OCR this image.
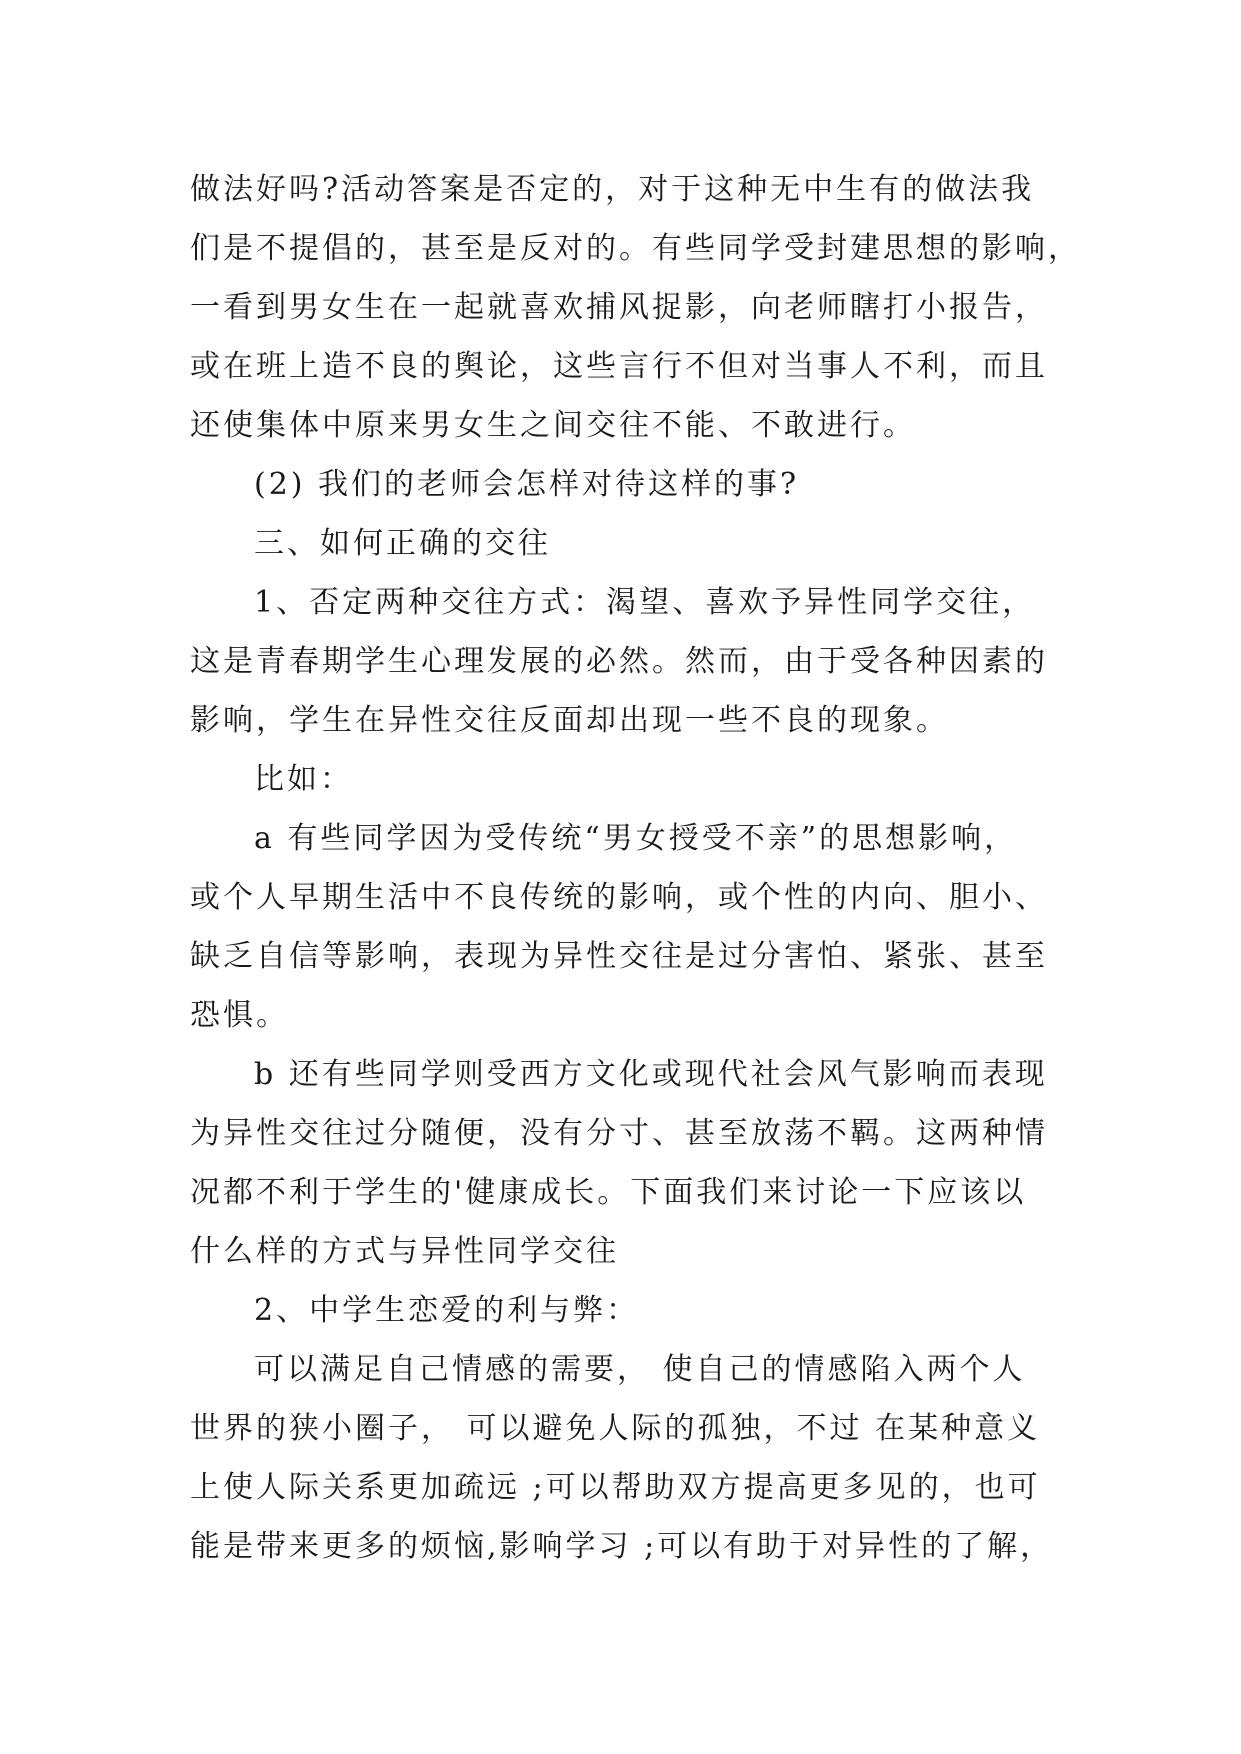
做法好吗?活动答案是否定的，对于这种无中生有的做法我
们是不提倡的，甚至是反对的。有些同学受封建思想的影响，
一看到男女生在一起就喜欢捕风捉影，向老师瞎打小报告，
或在班上造不良的舆论，这些言行不但对当事人不利，而且
还使集体中原来男女生之间交往不能、不敢进行。
(2) 我们的老师会怎样对待这样的事?
三、如何正确的交往
1、否定两种交往方式：渴望、喜欢予异性同学交往，
这是青春期学生心理发展的必然。然而，由于受各种因素的
影响，学生在异性交往反面却出现一些不良的现象。
比如：
a 有些同学因为受传统“男女授受不亲”的思想影响，
或个人早期生活中不良传统的影响，或个性的内向、胆小、
缺乏自信等影响，表现为异性交往是过分害怕、紧张、甚至
恐惧。
b 还有些同学则受西方文化或现代社会风气影响而表现
为异性交往过分随便，没有分寸、甚至放荡不羁。这两种情
况都不利于学生的'健康成长。下面我们来讨论一下应该以
什么样的方式与异性同学交往
2、中学生恋爱的利与弊：
可以满足自己情感的需要， 使自己的情感陷入两个人
世界的狭小圈子， 可以避免人际的孤独，不过 在某种意义
上使人际关系更加疏远 ;可以帮助双方提高更多见的，也可
能是带来更多的烦恼,影响学习 ;可以有助于对异性的了解，
